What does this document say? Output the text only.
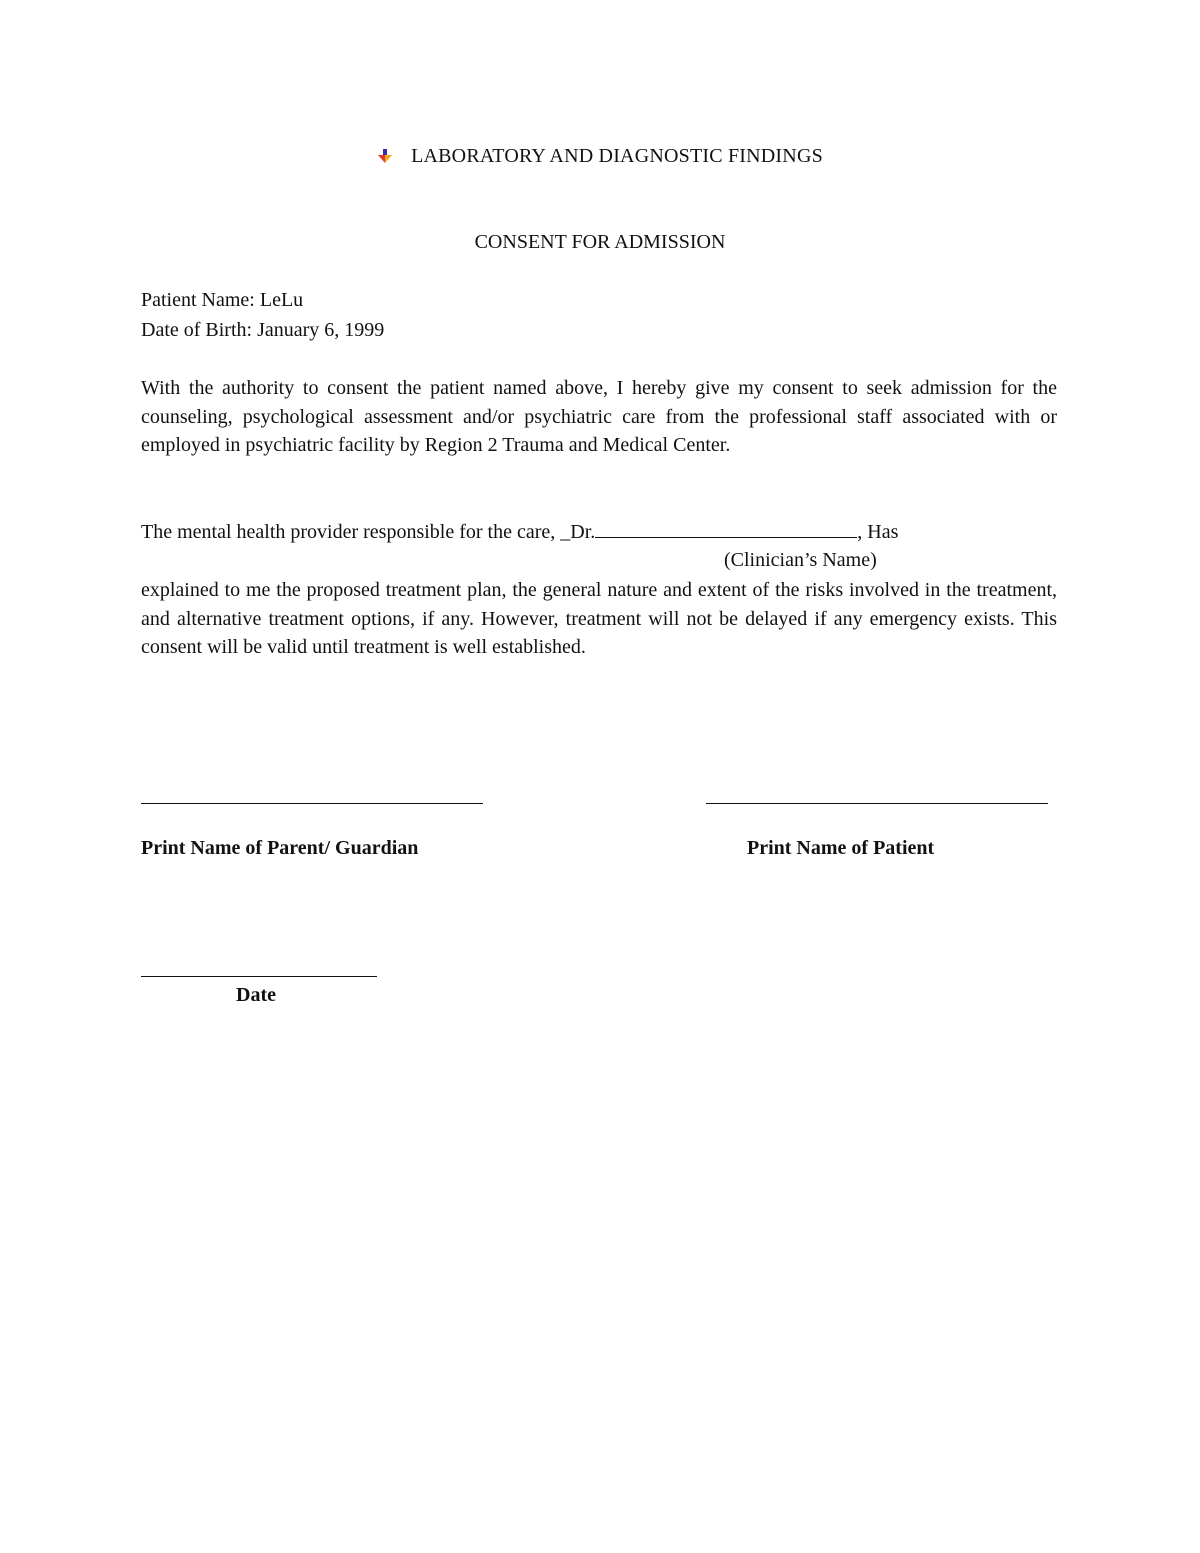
LABORATORY AND DIAGNOSTIC FINDINGS
CONSENT FOR ADMISSION
Patient Name: LeLu
Date of Birth: January 6, 1999

With the authority to consent the patient named above, I hereby give my consent to seek admission for the counseling, psychological assessment and/or psychiatric care from the professional staff associated with or employed in psychiatric facility by Region 2 Trauma and Medical Center.

The mental health provider responsible for the care, _Dr.	, Has
(Clinician’s Name)

explained to me the proposed treatment plan, the general nature and extent of the risks involved in the treatment, and alternative treatment options, if any. However, treatment will not be delayed if any emergency exists. This consent will be valid until treatment is well established.

Print Name of Parent/ Guardian	Print Name of Patient
Date
